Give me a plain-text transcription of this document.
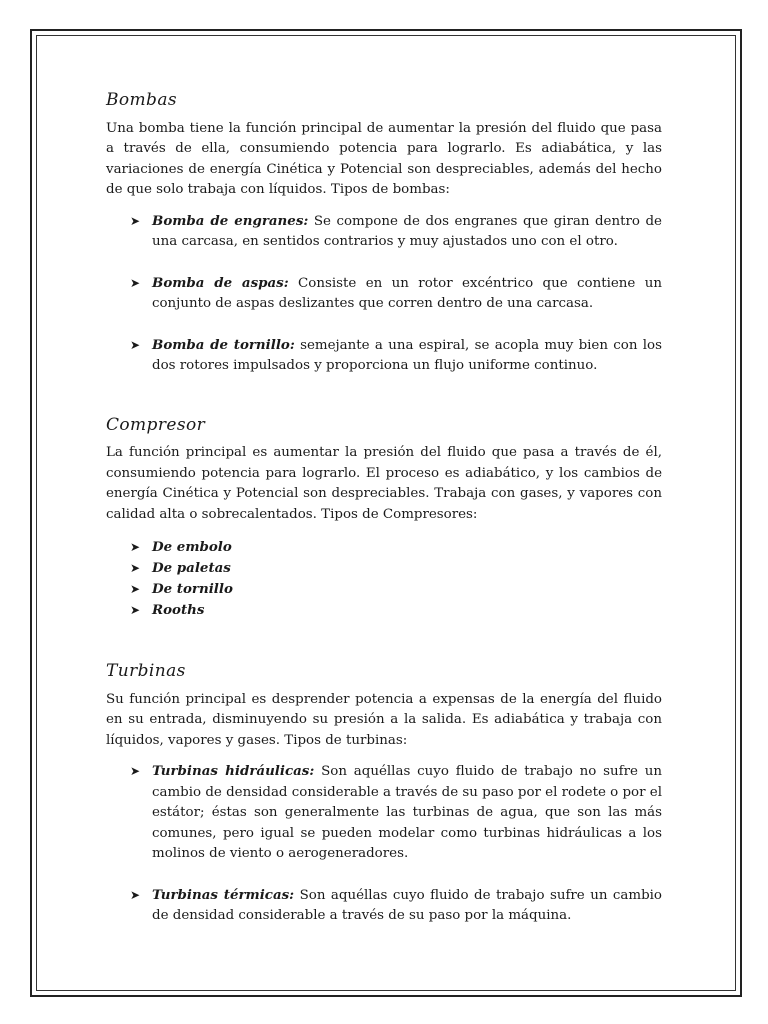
Bombas

Una bomba tiene la función principal de aumentar la presión del fluido que pasa a través de ella, consumiendo potencia para lograrlo. Es adiabática, y las variaciones de energía Cinética y Potencial son despreciables, además del hecho de que solo trabaja con líquidos. Tipos de bombas:

➤ Bomba de engranes: Se compone de dos engranes que giran dentro de una carcasa, en sentidos contrarios y muy ajustados uno con el otro.
➤ Bomba de aspas: Consiste en un rotor excéntrico que contiene un conjunto de aspas deslizantes que corren dentro de una carcasa.
➤ Bomba de tornillo: semejante a una espiral, se acopla muy bien con los dos rotores impulsados y proporciona un flujo uniforme continuo.
Compresor

La función principal es aumentar la presión del fluido que pasa a través de él, consumiendo potencia para lograrlo. El proceso es adiabático, y los cambios de energía Cinética y Potencial son despreciables. Trabaja con gases, y vapores con calidad alta o sobrecalentados. Tipos de Compresores:

➤ De embolo
➤ De paletas
➤ De tornillo
➤ Rooths
Turbinas

Su función principal es desprender potencia a expensas de la energía del fluido en su entrada, disminuyendo su presión a la salida. Es adiabática y trabaja con líquidos, vapores y gases. Tipos de turbinas:

➤ Turbinas hidráulicas: Son aquéllas cuyo fluido de trabajo no sufre un cambio de densidad considerable a través de su paso por el rodete o por el estátor; éstas son generalmente las turbinas de agua, que son las más comunes, pero igual se pueden modelar como turbinas hidráulicas a los molinos de viento o aerogeneradores.
➤ Turbinas térmicas: Son aquéllas cuyo fluido de trabajo sufre un cambio de densidad considerable a través de su paso por la máquina.
